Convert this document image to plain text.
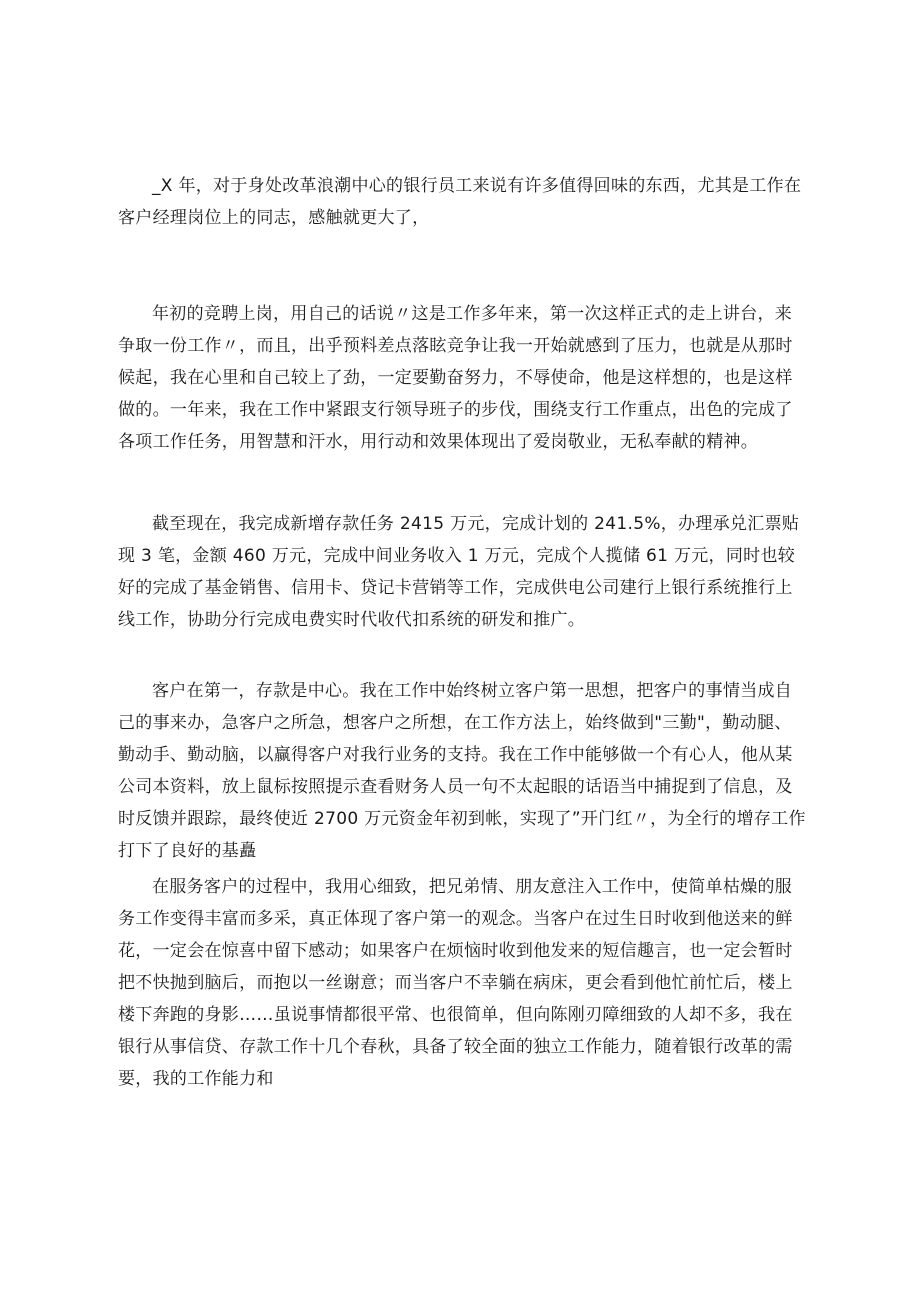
_X 年，对于身处改革浪潮中心的银行员工来说有许多值得回味的东西，尤其是工作在客户经理岗位上的同志，感触就更大了，

年初的竞聘上岗，用自己的话说〃这是工作多年来，第一次这样正式的走上讲台，来争取一份工作〃，而且，出乎预料差点落眩竞争让我一开始就感到了压力，也就是从那时候起，我在心里和自己较上了劲，一定要勤奋努力，不辱使命，他是这样想的，也是这样做的。一年来，我在工作中紧跟支行领导班子的步伐，围绕支行工作重点，出色的完成了各项工作任务，用智慧和汗水，用行动和效果体现出了爱岗敬业，无私奉献的精神。

截至现在，我完成新增存款任务 2415 万元，完成计划的 241.5%，办理承兑汇票贴现 3 笔，金额 460 万元，完成中间业务收入 1 万元，完成个人揽储 61 万元，同时也较好的完成了基金销售、信用卡、贷记卡营销等工作，完成供电公司建行上银行系统推行上线工作，协助分行完成电费实时代收代扣系统的研发和推广。

客户在第一，存款是中心。我在工作中始终树立客户第一思想，把客户的事情当成自己的事来办，急客户之所急，想客户之所想，在工作方法上，始终做到"三勤"，勤动腿、勤动手、勤动脑，以赢得客户对我行业务的支持。我在工作中能够做一个有心人，他从某公司本资料，放上鼠标按照提示查看财务人员一句不太起眼的话语当中捕捉到了信息，及时反馈并跟踪，最终使近 2700 万元资金年初到帐，实现了”开门红〃，为全行的增存工作打下了良好的基矗

在服务客户的过程中，我用心细致，把兄弟情、朋友意注入工作中，使简单枯燥的服务工作变得丰富而多采，真正体现了客户第一的观念。当客户在过生日时收到他送来的鲜花，一定会在惊喜中留下感动；如果客户在烦恼时收到他发来的短信趣言，也一定会暂时把不快抛到脑后，而抱以一丝谢意；而当客户不幸躺在病床，更会看到他忙前忙后，楼上楼下奔跑的身影……虽说事情都很平常、也很简单，但向陈刚刃障细致的人却不多，我在银行从事信贷、存款工作十几个春秋，具备了较全面的独立工作能力，随着银行改革的需要，我的工作能力和
